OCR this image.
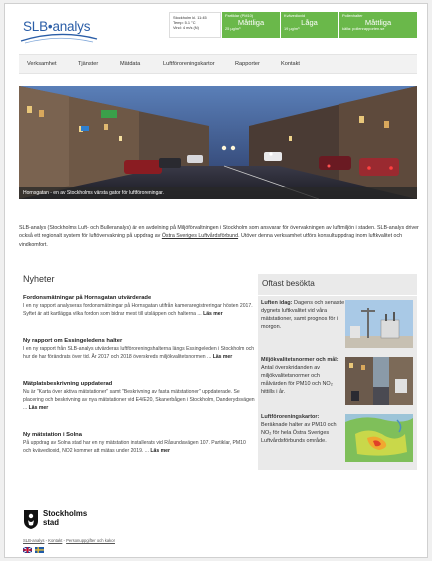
SLB•analys
Stockholm kl. 11:45
Temp: 5.1 °C
Vind: 4 m/s (N)
Partiklar (PM10)
Måttliga
25 µg/m³
Kvävedioxid
Låga
19 µg/m³
Pollenhalter
Måttliga
källa: pollenrapporten.se
Verksamhet	Tjänster	Mätdata	Luftföroreningskartor	Rapporter	Kontakt
Hornsgatan - en av Stockholms värsta gator för luftföroreningar.

SLB-analys (Stockholms Luft- och Bulleranalys) är en avdelning på Miljöförvaltningen i Stockholm som ansvarar för övervakningen av luftmiljön i staden. SLB-analys driver också ett regionalt system för luftövervakning på uppdrag av Östra Sveriges Luftvårdsförbund. Utöver denna verksamhet utförs konsultuppdrag inom luftkvalitet och vindkomfort.

Nyheter
Fordonsmätningar på Hornsgatan utvärderade
I en ny rapport analyseras fordonsmätningar på Hornsgatan utifrån kameraregistreringar hösten 2017. Syftet är att kartlägga vilka fordon som bidrar mest till utsläppen och halterna ... Läs mer
Ny rapport om Essingeledens halter
I en ny rapport från SLB-analys utvärderas luftföroreningshalterna längs Essingeleden i Stockholm och hur de har förändrats över tid. År 2017 och 2018 överskreds miljökvalitetsnormen ... Läs mer
Mätplatsbeskrivning uppdaterad
Nu är "Karta över aktiva mätstationer" samt "Beskrivning av fasta mätstationer" uppdaterade. Se placering och beskrivning av nya mätstationer vid E4/E20, Skanerbågen i Stockholm, Danderydsvägen ... Läs mer
Ny mätstation i Solna
På uppdrag av Solna stad har en ny mätstation installerats vid Råsundavägen 107. Partiklar, PM10 och kvävedioxid, NO2 kommer att mätas under 2019. ... Läs mer
Oftast besökta
Luften idag: Dagens och senaste dygnets luftkvalitet vid våra mätstationer, samt prognos för i morgon.
Miljökvalitetsnormer och mål: Antal överskridanden av miljökvalitetsnormer och målvärden för PM10 och NO₂ hittills i år.
Luftföroreningskartor: Beräknade halter av PM10 och NO₂ för hela Östra Sveriges Luftvårdsförbunds område.
Stockholms
stad
SLB-analys - Kontakt - Personuppgifter och kakor
